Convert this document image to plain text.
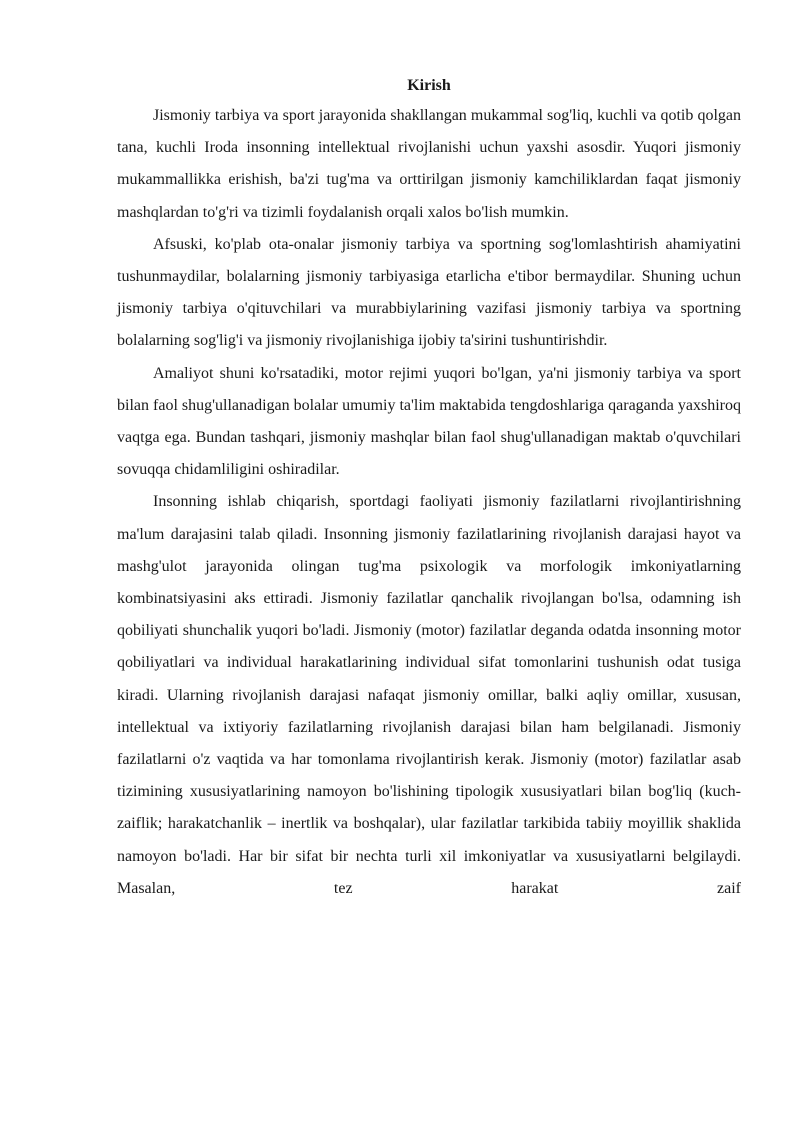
Kirish

Jismoniy tarbiya va sport jarayonida shakllangan mukammal sog'liq, kuchli va qotib qolgan tana, kuchli Iroda insonning intellektual rivojlanishi uchun yaxshi asosdir. Yuqori jismoniy mukammallikka erishish, ba'zi tug'ma va orttirilgan jismoniy kamchiliklardan faqat jismoniy mashqlardan to'g'ri va tizimli foydalanish orqali xalos bo'lish mumkin.

Afsuski, ko'plab ota-onalar jismoniy tarbiya va sportning sog'lomlashtirish ahamiyatini tushunmaydilar, bolalarning jismoniy tarbiyasiga etarlicha e'tibor bermaydilar. Shuning uchun jismoniy tarbiya o'qituvchilari va murabbiylarining vazifasi jismoniy tarbiya va sportning bolalarning sog'lig'i va jismoniy rivojlanishiga ijobiy ta'sirini tushuntirishdir.

Amaliyot shuni ko'rsatadiki, motor rejimi yuqori bo'lgan, ya'ni jismoniy tarbiya va sport bilan faol shug'ullanadigan bolalar umumiy ta'lim maktabida tengdoshlariga qaraganda yaxshiroq vaqtga ega. Bundan tashqari, jismoniy mashqlar bilan faol shug'ullanadigan maktab o'quvchilari sovuqqa chidamliligini oshiradilar.

Insonning ishlab chiqarish, sportdagi faoliyati jismoniy fazilatlarni rivojlantirishning ma'lum darajasini talab qiladi. Insonning jismoniy fazilatlarining rivojlanish darajasi hayot va mashg'ulot jarayonida olingan tug'ma psixologik va morfologik imkoniyatlarning kombinatsiyasini aks ettiradi. Jismoniy fazilatlar qanchalik rivojlangan bo'lsa, odamning ish qobiliyati shunchalik yuqori bo'ladi. Jismoniy (motor) fazilatlar deganda odatda insonning motor qobiliyatlari va individual harakatlarining individual sifat tomonlarini tushunish odat tusiga kiradi. Ularning rivojlanish darajasi nafaqat jismoniy omillar, balki aqliy omillar, xususan, intellektual va ixtiyoriy fazilatlarning rivojlanish darajasi bilan ham belgilanadi. Jismoniy fazilatlarni o'z vaqtida va har tomonlama rivojlantirish kerak. Jismoniy (motor) fazilatlar asab tizimining xususiyatlarining namoyon bo'lishining tipologik xususiyatlari bilan bog'liq (kuch-zaiflik; harakatchanlik – inertlik va boshqalar), ular fazilatlar tarkibida tabiiy moyillik shaklida namoyon bo'ladi. Har bir sifat bir nechta turli xil imkoniyatlar va xususiyatlarni belgilaydi. Masalan, tez harakat zaif
